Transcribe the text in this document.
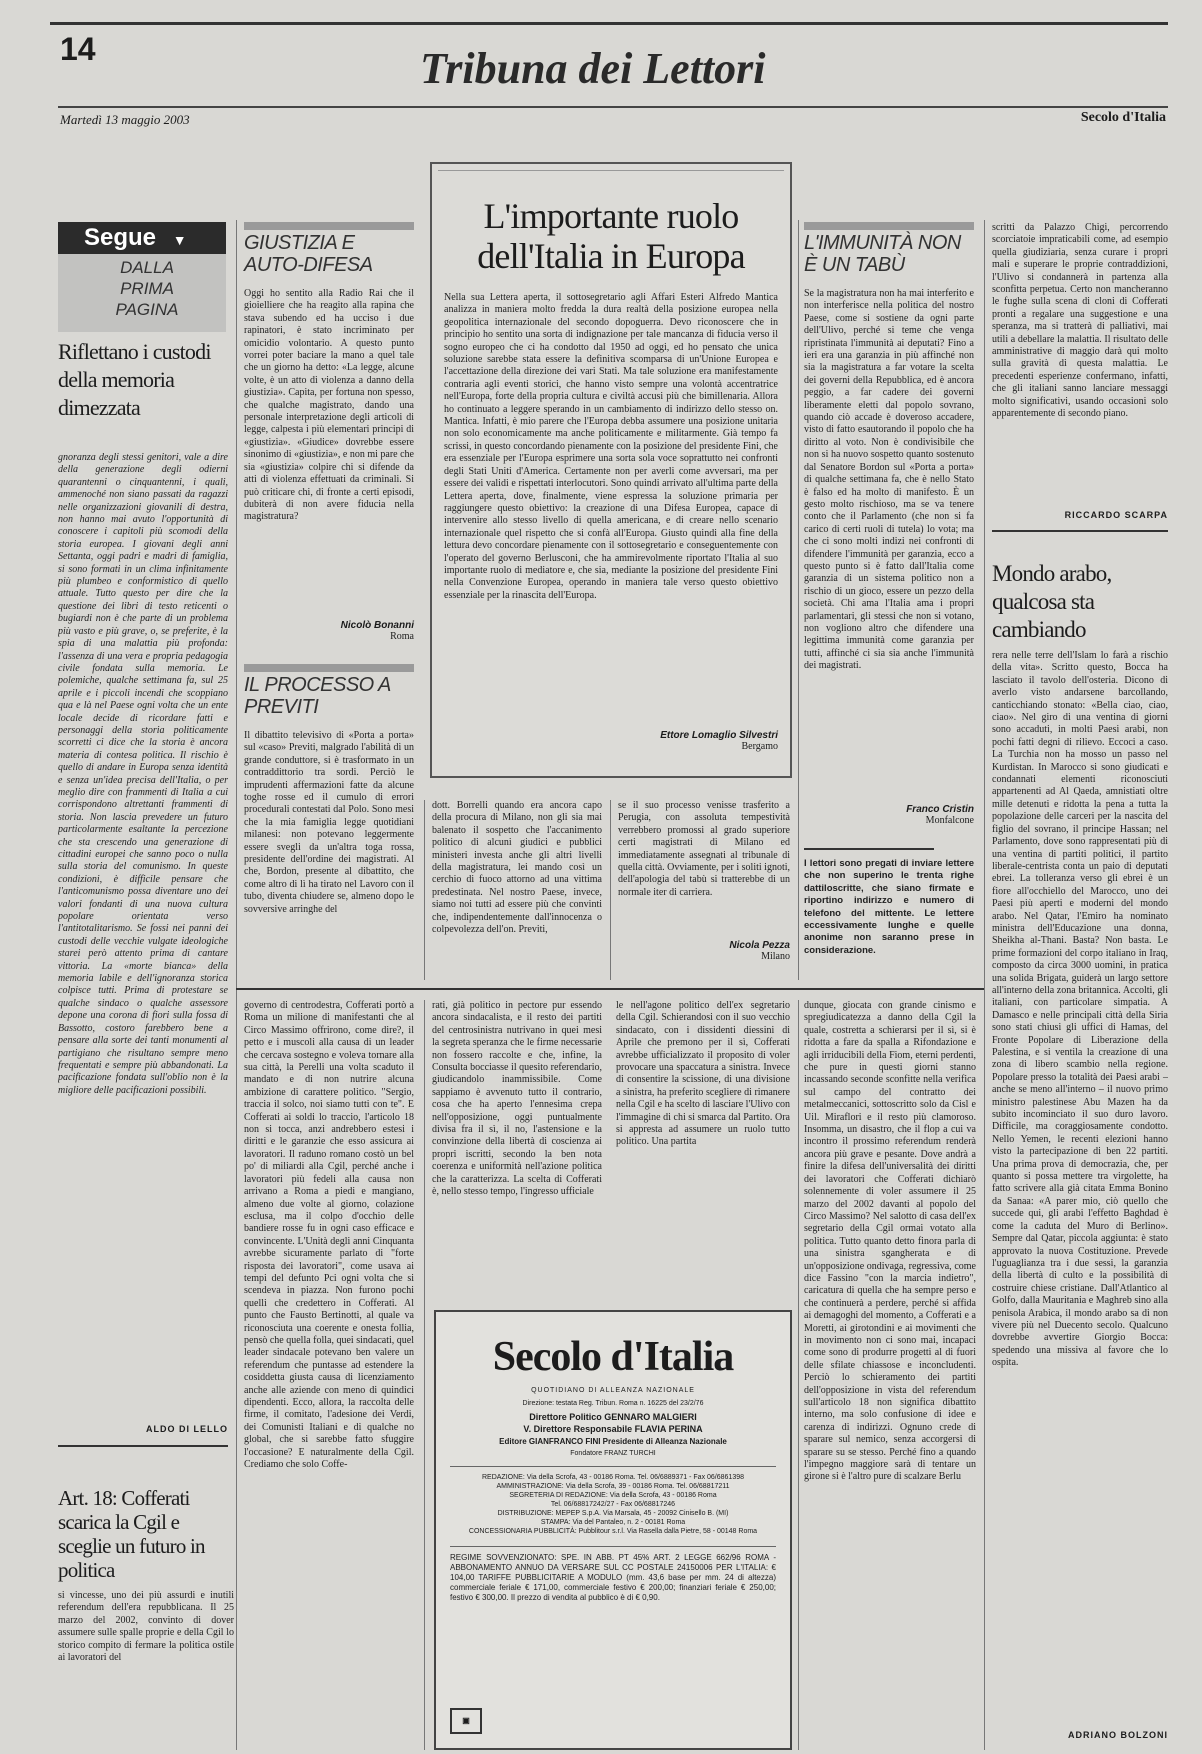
14	Tribuna dei Lettori
Martedì 13 maggio 2003	Secolo d'Italia
Segue ▼
DALLA PRIMA PAGINA
Riflettano i custodi della memoria dimezzata
gnoranza degli stessi genitori, vale a dire della generazione degli odierni quarantenni o cinquantenni, i quali, ammenoché non siano passati da ragazzi nelle organizzazioni giovanili di destra, non hanno mai avuto l'opportunità di conoscere i capitoli più scomodi della storia europea. I giovani degli anni Settanta, oggi padri e madri di famiglia, si sono formati in un clima infinitamente più plumbeo e conformistico di quello attuale. Tutto questo per dire che la questione dei libri di testo reticenti o bugiardi non è che parte di un problema più vasto e più grave, o, se preferite, è la spia di una malattia più profonda: l'assenza di una vera e propria pedagogia civile fondata sulla memoria. Le polemiche, qualche settimana fa, sul 25 aprile e i piccoli incendi che scoppiano qua e là nel Paese ogni volta che un ente locale decide di ricordare fatti e personaggi della storia politicamente scorretti ci dice che la storia è ancora materia di contesa politica. Il rischio è quello di andare in Europa senza identità e senza un'idea precisa dell'Italia, o per meglio dire con frammenti di Italia a cui corrispondono altrettanti frammenti di storia. Non lascia prevedere un futuro particolarmente esaltante la percezione che sta crescendo una generazione di cittadini europei che sanno poco o nulla sulla storia del comunismo. In queste condizioni, è difficile pensare che l'anticomunismo possa diventare uno dei valori fondanti di una nuova cultura popolare orientata verso l'antitotalitarismo. Se fossi nei panni dei custodi delle vecchie vulgate ideologiche starei però attento prima di cantare vittoria. La «morte bianca» della memoria labile e dell'ignoranza storica colpisce tutti. Prima di protestare se qualche sindaco o qualche assessore depone una corona di fiori sulla fossa di Bassotto, costoro farebbero bene a pensare alla sorte dei tanti monumenti al partigiano che risultano sempre meno frequentati e sempre più abbandonati. La pacificazione fondata sull'oblio non è la migliore delle pacificazioni possibili.
ALDO DI LELLO
Art. 18: Cofferati scarica la Cgil e sceglie un futuro in politica
si vincesse, uno dei più assurdi e inutili referendum dell'era repubblicana. Il 25 marzo del 2002, convinto di dover assumere sulle spalle proprie e della Cgil lo storico compito di fermare la politica ostile ai lavoratori del
GIUSTIZIA E AUTO-DIFESA
Oggi ho sentito alla Radio Rai che il gioielliere che ha reagito alla rapina che stava subendo ed ha ucciso i due rapinatori, è stato incriminato per omicidio volontario. A questo punto vorrei poter baciare la mano a quel tale che un giorno ha detto: «La legge, alcune volte, è un atto di violenza a danno della giustizia». Capita, per fortuna non spesso, che qualche magistrato, dando una personale interpretazione degli articoli di legge, calpesta i più elementari principi di «giustizia». «Giudice» dovrebbe essere sinonimo di «giustizia», e non mi pare che sia «giustizia» colpire chi si difende da atti di violenza effettuati da criminali. Si può criticare chi, di fronte a certi episodi, dubiterà di non avere fiducia nella magistratura?
Nicolò Bonanni
Roma
IL PROCESSO A PREVITI
Il dibattito televisivo di «Porta a porta» sul «caso» Previti, malgrado l'abilità di un grande conduttore, si è trasformato in un contraddittorio tra sordi. Perciò le imprudenti affermazioni fatte da alcune toghe rosse ed il cumulo di errori procedurali contestati dal Polo. Sono mesi che la mia famiglia legge quotidiani milanesi: non potevano leggermente essere svegli da un'altra toga rossa, presidente dell'ordine dei magistrati. Al che, Bordon, presente al dibattito, che come altro di lì ha tirato nel Lavoro con il tubo, diventa chiudere se, almeno dopo le sovversive arringhe del
L'importante ruolo dell'Italia in Europa
Nella sua Lettera aperta, il sottosegretario agli Affari Esteri Alfredo Mantica analizza in maniera molto fredda la dura realtà della posizione europea nella geopolitica internazionale del secondo dopoguerra. Devo riconoscere che in principio ho sentito una sorta di indignazione per tale mancanza di fiducia verso il sogno europeo che ci ha condotto dal 1950 ad oggi, ed ho pensato che unica soluzione sarebbe stata essere la definitiva scomparsa di un'Unione Europea e l'accettazione della direzione dei vari Stati. Ma tale soluzione era manifestamente contraria agli eventi storici, che hanno visto sempre una volontà accentratrice nell'Europa, forte della propria cultura e civiltà accusi più che bimillenaria. Allora ho continuato a leggere sperando in un cambiamento di indirizzo dello stesso on. Mantica. Infatti, è mio parere che l'Europa debba assumere una posizione unitaria non solo economicamente ma anche politicamente e militarmente. Già tempo fa scrissi, in questo concordando pienamente con la posizione del presidente Fini, che era essenziale per l'Europa esprimere una sorta sola voce soprattutto nei confronti degli Stati Uniti d'America. Certamente non per averli come avversari, ma per essere dei validi e rispettati interlocutori. Sono quindi arrivato all'ultima parte della Lettera aperta, dove, finalmente, viene espressa la soluzione primaria per raggiungere questo obiettivo: la creazione di una Difesa Europea, capace di intervenire allo stesso livello di quella americana, e di creare nello scenario internazionale quel rispetto che si confà all'Europa. Giusto quindi alla fine della lettura devo concordare pienamente con il sottosegretario e conseguentemente con l'operato del governo Berlusconi, che ha ammirevolmente riportato l'Italia al suo importante ruolo di mediatore e, che sia, mediante la posizione del presidente Fini nella Convenzione Europea, operando in maniera tale verso questo obiettivo essenziale per la rinascita dell'Europa.
Ettore Lomaglio Silvestri
Bergamo
dott. Borrelli quando era ancora capo della procura di Milano, non gli sia mai balenato il sospetto che l'accanimento politico di alcuni giudici e pubblici ministeri investa anche gli altri livelli della magistratura, lei mando così un cerchio di fuoco attorno ad una vittima predestinata. Nel nostro Paese, invece, siamo noi tutti ad essere più che convinti che, indipendentemente dall'innocenza o colpevolezza dell'on. Previti,
se il suo processo venisse trasferito a Perugia, con assoluta tempestività verrebbero promossi al grado superiore certi magistrati di Milano ed immediatamente assegnati al tribunale di quella città. Ovviamente, per i soliti ignoti, dell'apologia del tabù si tratterebbe di un normale iter di carriera.
Nicola Pezza
Milano
L'IMMUNITÀ NON È UN TABÙ
Se la magistratura non ha mai interferito e non interferisce nella politica del nostro Paese, come si sostiene da ogni parte dell'Ulivo, perché si teme che venga ripristinata l'immunità ai deputati? Fino a ieri era una garanzia in più affinché non sia la magistratura a far votare la scelta dei governi della Repubblica, ed è ancora peggio, a far cadere dei governi liberamente eletti dal popolo sovrano, quando ciò accade è doveroso accadere, visto di fatto esautorando il popolo che ha diritto al voto. Non è condivisibile che non si ha nuovo sospetto quanto sostenuto dal Senatore Bordon sul «Porta a porta» di qualche settimana fa, che è nello Stato è falso ed ha molto di manifesto. È un gesto molto rischioso, ma se va tenere conto che il Parlamento (che non si fa carico di certi ruoli di tutela) lo vota; ma che ci sono molti indizi nei confronti di difendere l'immunità per garanzia, ecco a questo punto si è fatto dall'Italia come garanzia di un sistema politico non a rischio di un gioco, essere un pezzo della società. Chi ama l'Italia ama i propri parlamentari, gli stessi che non si votano, non vogliono altro che difendere una legittima immunità come garanzia per tutti, affinché ci sia sia anche l'immunità dei magistrati.
Franco Cristin
Monfalcone
I lettori sono pregati di inviare lettere che non superino le trenta righe dattiloscritte, che siano firmate e riportino indirizzo e numero di telefono del mittente. Le lettere eccessivamente lunghe e quelle anonime non saranno prese in considerazione.
scritti da Palazzo Chigi, percorrendo scorciatoie impraticabili come, ad esempio quella giudiziaria, senza curare i propri mali e superare le proprie contraddizioni, l'Ulivo si condannerà in partenza alla sconfitta perpetua. Certo non mancheranno le fughe sulla scena di cloni di Cofferati pronti a regalare una suggestione e una speranza, ma si tratterà di palliativi, mai utili a debellare la malattia. Il risultato delle amministrative di maggio darà qui molto sulla gravità di questa malattia. Le precedenti esperienze confermano, infatti, che gli italiani sanno lanciare messaggi molto significativi, usando occasioni solo apparentemente di secondo piano.
RICCARDO SCARPA
Mondo arabo, qualcosa sta cambiando
rera nelle terre dell'Islam lo farà a rischio della vita». Scritto questo, Bocca ha lasciato il tavolo dell'osteria. Dicono di averlo visto andarsene barcollando, canticchiando stonato: «Bella ciao, ciao, ciao». Nel giro di una ventina di giorni sono accaduti, in molti Paesi arabi, non pochi fatti degni di rilievo. Eccoci a caso. La Turchia non ha mosso un passo nel Kurdistan. In Marocco si sono giudicati e condannati elementi riconosciuti appartenenti ad Al Qaeda, amnistiati oltre mille detenuti e ridotta la pena a tutta la popolazione delle carceri per la nascita del figlio del sovrano, il principe Hassan; nel Parlamento, dove sono rappresentati più di una ventina di partiti politici, il partito liberale-centrista conta un paio di deputati ebrei. La tolleranza verso gli ebrei è un fiore all'occhiello del Marocco, uno dei Paesi più aperti e moderni del mondo arabo. Nel Qatar, l'Emiro ha nominato ministra dell'Educazione una donna, Sheikha al-Thani. Basta? Non basta. Le prime formazioni del corpo italiano in Iraq, composto da circa 3000 uomini, in pratica una solida Brigata, guiderà un largo settore all'interno della zona britannica. Accolti, gli italiani, con particolare simpatia. A Damasco e nelle principali città della Siria sono stati chiusi gli uffici di Hamas, del Fronte Popolare di Liberazione della Palestina, e si ventila la creazione di una zona di libero scambio nella regione. Popolare presso la totalità dei Paesi arabi – anche se meno all'interno – il nuovo primo ministro palestinese Abu Mazen ha da subito incominciato il suo duro lavoro. Difficile, ma coraggiosamente condotto. Nello Yemen, le recenti elezioni hanno visto la partecipazione di ben 22 partiti. Una prima prova di democrazia, che, per quanto si possa mettere tra virgolette, ha fatto scrivere alla già citata Emma Bonino da Sanaa: «A parer mio, ciò quello che succede qui, gli arabi l'effetto Baghdad è come la caduta del Muro di Berlino». Sempre dal Qatar, piccola aggiunta: è stato approvato la nuova Costituzione. Prevede l'uguaglianza tra i due sessi, la garanzia della libertà di culto e la possibilità di costruire chiese cristiane. Dall'Atlantico al Golfo, dalla Mauritania e Maghreb sino alla penisola Arabica, il mondo arabo sa di non vivere più nel Duecento secolo. Qualcuno dovrebbe avvertire Giorgio Bocca: spedendo una missiva al favore che lo ospita.
ADRIANO BOLZONI
governo di centrodestra, Cofferati portò a Roma un milione di manifestanti che al Circo Massimo offrirono, come dire?, il petto e i muscoli alla causa di un leader che cercava sostegno e voleva tornare alla sua città, la Perelli una volta scaduto il mandato e di non nutrire alcuna ambizione di carattere politico. "Sergio, traccia il solco, noi siamo tutti con te". E Cofferati ai soldi lo traccio, l'articolo 18 non si tocca, anzi andrebbero estesi i diritti e le garanzie che esso assicura ai lavoratori. Il raduno romano costò un bel po' di miliardi alla Cgil, perché anche i lavoratori più fedeli alla causa non arrivano a Roma a piedi e mangiano, almeno due volte al giorno, colazione esclusa, ma il colpo d'occhio delle bandiere rosse fu in ogni caso efficace e convincente. L'Unità degli anni Cinquanta avrebbe sicuramente parlato di "forte risposta dei lavoratori", come usava ai tempi del defunto Pci ogni volta che si scendeva in piazza. Non furono pochi quelli che credettero in Cofferati. Al punto che Fausto Bertinotti, al quale va riconosciuta una coerente e onesta follia, pensò che quella folla, quei sindacati, quel leader sindacale potevano ben valere un referendum che puntasse ad estendere la cosiddetta giusta causa di licenziamento anche alle aziende con meno di quindici dipendenti. Ecco, allora, la raccolta delle firme, il comitato, l'adesione dei Verdi, dei Comunisti Italiani e di qualche no global, che si sarebbe fatto sfuggire l'occasione? E naturalmente della Cgil. Crediamo che solo Coffe-
rati, già politico in pectore pur essendo ancora sindacalista, e il resto dei partiti del centrosinistra nutrivano in quei mesi la segreta speranza che le firme necessarie non fossero raccolte e che, infine, la Consulta bocciasse il quesito referendario, giudicandolo inammissibile. Come sappiamo è avvenuto tutto il contrario, cosa che ha aperto l'ennesima crepa nell'opposizione, oggi puntualmente divisa fra il sì, il no, l'astensione e la convinzione della libertà di coscienza ai propri iscritti, secondo la ben nota coerenza e uniformità nell'azione politica che la caratterizza. La scelta di Cofferati è, nello stesso tempo, l'ingresso ufficiale
le nell'agone politico dell'ex segretario della Cgil. Schierandosi con il suo vecchio sindacato, con i dissidenti diessini di Aprile che premono per il sì, Cofferati avrebbe ufficializzato il proposito di voler provocare una spaccatura a sinistra. Invece di consentire la scissione, di una divisione a sinistra, ha preferito scegliere di rimanere nella Cgil e ha scelto di lasciare l'Ulivo con l'immagine di chi si smarca dal Partito. Ora si appresta ad assumere un ruolo tutto politico. Una partita
dunque, giocata con grande cinismo e spregiudicatezza a danno della Cgil la quale, costretta a schierarsi per il sì, si è ridotta a fare da spalla a Rifondazione e agli irriducibili della Fiom, eterni perdenti, che pure in questi giorni stanno incassando seconde sconfitte nella verifica sul campo del contratto dei metalmeccanici, sottoscritto solo da Cisl e Uil. Miraflori e il resto più clamoroso. Insomma, un disastro, che il flop a cui va incontro il prossimo referendum renderà ancora più grave e pesante. Dove andrà a finire la difesa dell'universalità dei diritti dei lavoratori che Cofferati dichiarò solennemente di voler assumere il 25 marzo del 2002 davanti al popolo del Circo Massimo? Nel salotto di casa dell'ex segretario della Cgil ormai votato alla politica. Tutto quanto detto finora parla di una sinistra sgangherata e di un'opposizione ondivaga, regressiva, come dice Fassino "con la marcia indietro", caricatura di quella che ha sempre perso e che continuerà a perdere, perché si affida ai demagoghi del momento, a Cofferati e a Moretti, ai girotondini e ai movimenti che in movimento non ci sono mai, incapaci come sono di produrre progetti al di fuori delle sfilate chiassose e inconcludenti. Perciò lo schieramento dei partiti dell'opposizione in vista del referendum sull'articolo 18 non significa dibattito interno, ma solo confusione di idee e carenza di indirizzi. Ognuno crede di sparare sul nemico, senza accorgersi di sparare su se stesso. Perché fino a quando l'impegno maggiore sarà di tentare un girone si è l'altro pure di scalzare Berlu
Secolo d'Italia
QUOTIDIANO DI ALLEANZA NAZIONALE
Direzione: testata Reg. Tribun. Roma n. 16225 del 23/2/76
Direttore Politico GENNARO MALGIERI
V. Direttore Responsabile FLAVIA PERINA
Editore GIANFRANCO FINI Presidente di Alleanza Nazionale
Fondatore FRANZ TURCHI
REDAZIONE: Via della Scrofa, 43 - 00186 Roma. Tel. 06/6889371 - Fax 06/6861398
AMMINISTRAZIONE: Via della Scrofa, 39 - 00186 Roma. Tel. 06/68817211
SEGRETERIA DI REDAZIONE: Via della Scrofa, 43 - 00186 Roma
Tel. 06/68817242/27 - Fax 06/68817246
DISTRIBUZIONE: MEPEP S.p.A. Via Marsala, 45 - 20092 Cinisello B. (MI)
STAMPA: Via del Pantaleo, n. 2 - 00181 Roma
CONCESSIONARIA PUBBLICITÀ: Pubblitour s.r.l. Via Rasella dalla Pietre, 58 - 00148 Roma
REGIME SOVVENZIONATO: SPE. IN ABB. PT 45% ART. 2 LEGGE 662/96 ROMA - ABBONAMENTO ANNUO DA VERSARE SUL CC POSTALE 24150006 PER L'ITALIA: € 104,00 TARIFFE PUBBLICITARIE A MODULO (mm. 43,6 base per mm. 24 di altezza) commerciale feriale € 171,00, commerciale festivo € 200,00; finanziari feriale € 250,00; festivo € 300,00. Il prezzo di vendita al pubblico è di € 0,90.
▣
